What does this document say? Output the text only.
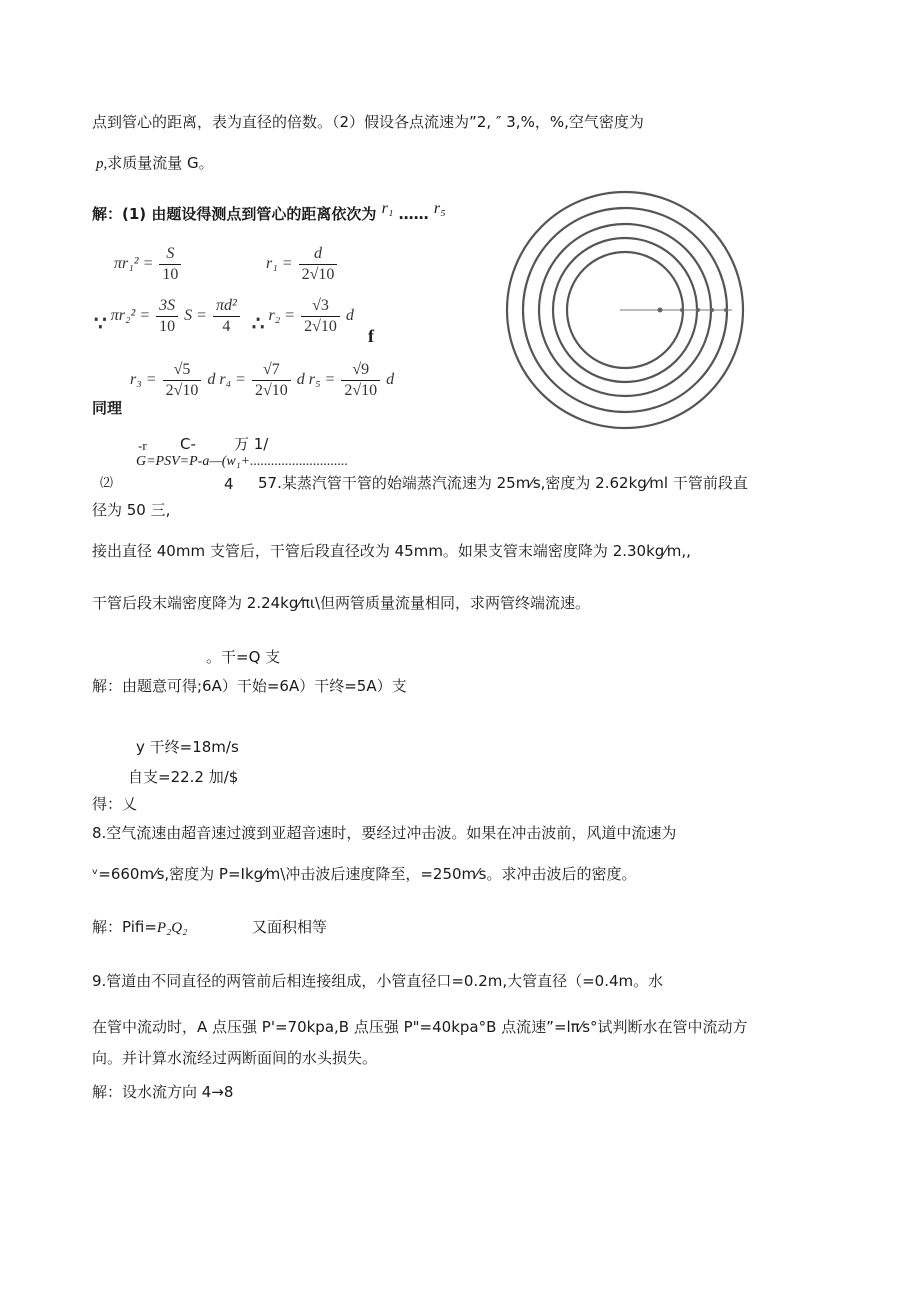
点到管心的距离，表为直径的倍数。（2）假设各点流速为”2, ″ 3,%，%,空气密度为
p,求质量流量 G。
解：(1) 由题设得测点到管心的距离依次为 r₁ …… r₅
$\pi r_1^2 = \frac{S}{10}$	$r_1 = \frac{d}{2√10}$
∵ $\pi r_2^2 = \frac{3S}{10}$ $S = \frac{\text{πd²}}{4}$ ∴ $r_2 = \frac{√3}{2√10}$ d
f
$r_3 = \frac{√5}{2√10}$ d $r_4 = \frac{√7}{2√10}$ d $r_5 = \frac{√9}{2√10}$ d
同理
-r C-	万 1/
G=PSV=P-a—(w₁+............................
⑵	4 57.某蒸汽管干管的始端蒸汽流速为 25m⁄s,密度为 2.62kg⁄ml 干管前段直
径为 50 三,
接出直径 40mm 支管后，干管后段直径改为 45mm。如果支管末端密度降为 2.30kg⁄m,,
干管后段末端密度降为 2.24kg⁄πι\但两管质量流量相同，求两管终端流速。
。干=Q 支
解：由题意可得;6A）干始=6A）干终=5A）支
y 干终=18m/s
自支=22.2 加/$
得：乂
8.空气流速由超音速过渡到亚超音速时，要经过冲击波。如果在冲击波前，风道中流速为
ᵛ=660m⁄s,密度为 P=Ikg⁄m\冲击波后速度降至，=250m⁄s。求冲击波后的密度。
解：Pifi=P₂Q₂	又面积相等
9.管道由不同直径的两管前后相连接组成，小管直径口=0.2m,大管直径（=0.4m。水
在管中流动时，A 点压强 P'=70kpa,B 点压强 P"=40kpa°B 点流速”=lπ⁄s°试判断水在管中流动方
向。并计算水流经过两断面间的水头损失。
解：设水流方向 4→8
